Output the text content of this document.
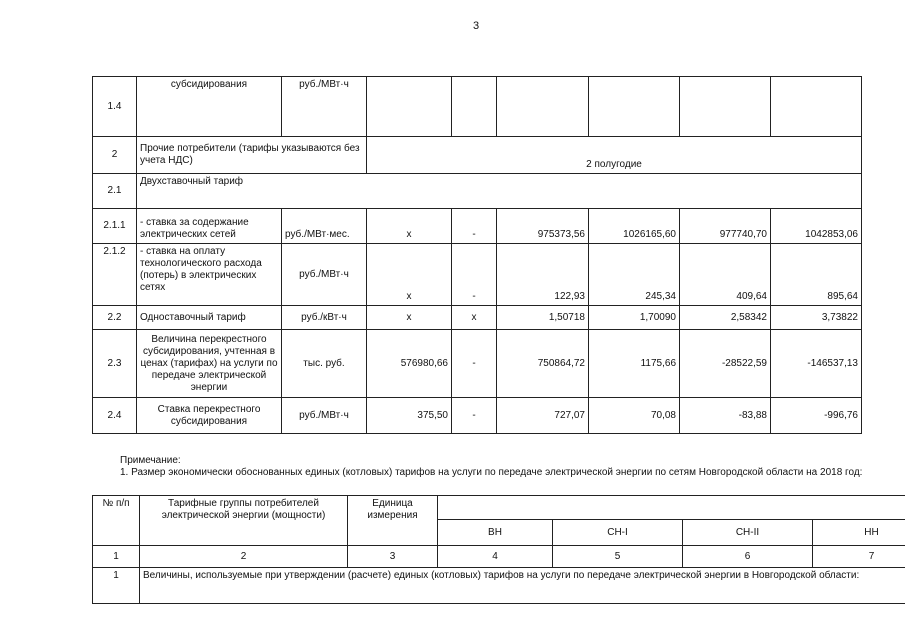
3
1.4	субсидирования	руб./МВт·ч						
2	Прочие потребители (тарифы указываются без учета НДС)		2 полугодие					
2.1	Двухставочный тариф							
2.1.1	- ставка за содержание электрических сетей	руб./МВт·мес.	х	-	975373,56	1026165,60	977740,70	1042853,06
2.1.2	- ставка на оплату технологического расхода (потерь) в электрических сетях	руб./МВт·ч	х	-	122,93	245,34	409,64	895,64
2.2	Одноставочный тариф	руб./кВт·ч	х	х	1,50718	1,70090	2,58342	3,73822
2.3	Величина перекрестного субсидирования, учтенная в ценах (тарифах) на услуги по передаче электрической энергии	тыс. руб.	576980,66	-	750864,72	1175,66	-28522,59	-146537,13
2.4	Ставка перекрестного субсидирования	руб./МВт·ч	375,50	-	727,07	70,08	-83,88	-996,76
Примечание:
1. Размер экономически обоснованных единых (котловых) тарифов на услуги по передаче электрической энергии по сетям Новгородской области на 2018 год:
№ п/п	Тарифные группы потребителей электрической энергии (мощности)	Единица измерения				
			ВН	СН-I	СН-II	НН
1	2	3	4	5	6	7
1	Величины, используемые при утверждении (расчете) единых (котловых) тарифов на услуги по передаче электрической энергии в Новгородской области:					
